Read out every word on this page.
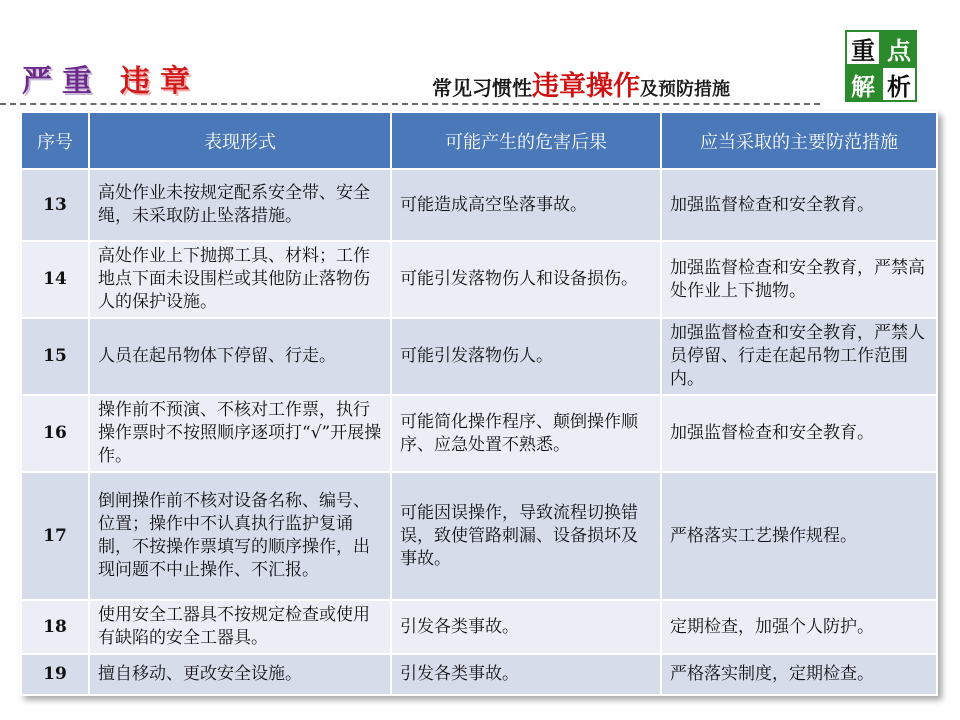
严 重 违 章	常见习惯性 违章操作 及预防措施
重 点
解 析
序号	表现形式	可能产生的危害后果	应当采取的主要防范措施
13	高处作业未按规定配系安全带、安全绳，未采取防止坠落措施。	可能造成高空坠落事故。	加强监督检查和安全教育。
14	高处作业上下抛掷工具、材料；工作地点下面未设围栏或其他防止落物伤人的保护设施。	可能引发落物伤人和设备损伤。	加强监督检查和安全教育，严禁高处作业上下抛物。
15	人员在起吊物体下停留、行走。	可能引发落物伤人。	加强监督检查和安全教育，严禁人员停留、行走在起吊物工作范围内。
16	操作前不预演、不核对工作票，执行操作票时不按照顺序逐项打“√”开展操作。	可能简化操作程序、颠倒操作顺序、应急处置不熟悉。	加强监督检查和安全教育。
17	倒闸操作前不核对设备名称、编号、位置；操作中不认真执行监护复诵制，不按操作票填写的顺序操作，出现问题不中止操作、不汇报。	可能因误操作，导致流程切换错误，致使管路刺漏、设备损坏及事故。	严格落实工艺操作规程。
18	使用安全工器具不按规定检查或使用有缺陷的安全工器具。	引发各类事故。	定期检查，加强个人防护。
19	擅自移动、更改安全设施。	引发各类事故。	严格落实制度，定期检查。
